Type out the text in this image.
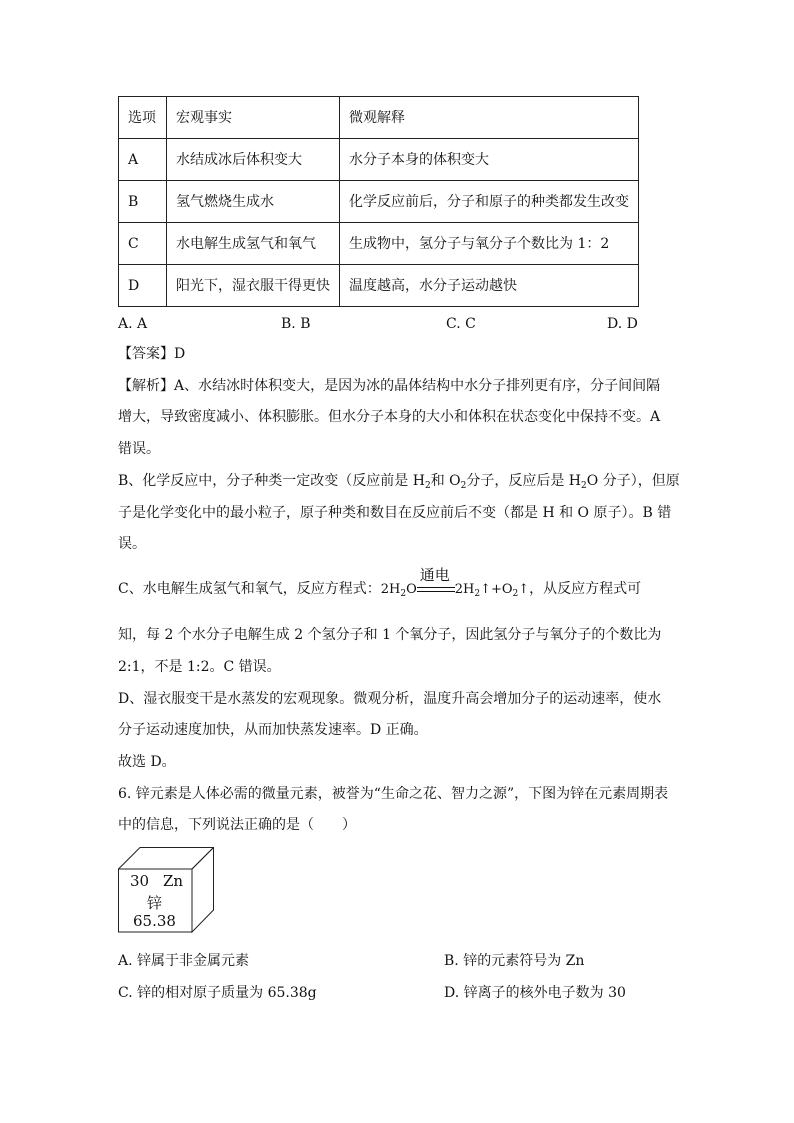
选项	宏观事实	微观解释
A	水结成冰后体积变大	水分子本身的体积变大
B	氢气燃烧生成水	化学反应前后，分子和原子的种类都发生改变
C	水电解生成氢气和氧气	生成物中，氢分子与氧分子个数比为 1：2
D	阳光下，湿衣服干得更快	温度越高，水分子运动越快
A. A	B. B	C. C	D. D
【答案】D
【解析】A、水结冰时体积变大，是因为冰的晶体结构中水分子排列更有序，分子间间隔
增大，导致密度减小、体积膨胀。但水分子本身的大小和体积在状态变化中保持不变。A
错误。
B、化学反应中，分子种类一定改变（反应前是 $H_2$和 $O_2$分子，反应后是 $H_2O$ 分子），但原
子是化学变化中的最小粒子，原子种类和数目在反应前后不变（都是 H 和 O 原子）。B 错
误。
C、水电解生成氢气和氧气，反应方程式：$2H_2O$
通电
$2H_2↑+O_2↑$，从反应方程式可
知，每 2 个水分子电解生成 2 个氢分子和 1 个氧分子，因此氢分子与氧分子的个数比为
2:1，不是 1:2。C 错误。
D、湿衣服变干是水蒸发的宏观现象。微观分析，温度升高会增加分子的运动速率，使水
分子运动速度加快，从而加快蒸发速率。D 正确。
故选 D。
6. 锌元素是人体必需的微量元素，被誉为“生命之花、智力之源”，下图为锌在元素周期表
中的信息，下列说法正确的是（　　）
30 Zn
锌
65.38
A. 锌属于非金属元素	B. 锌的元素符号为 Zn
C. 锌的相对原子质量为 65.38g	D. 锌离子的核外电子数为 30
